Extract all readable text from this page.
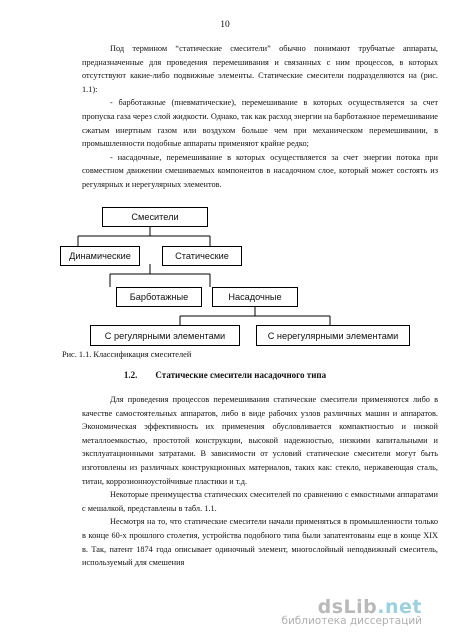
10

Под термином “статические смесители” обычно понимают трубчатые аппараты, предназначенные для проведения перемешивания и связанных с ним процессов, в которых отсутствуют какие-либо подвижные элементы. Статические смесители подразделяются на (рис. 1.1):

- барботажные (пневматические), перемешивание в которых осуществляется за счет пропуска газа через слой жидкости. Однако, так как расход энергии на барботажное перемешивание сжатым инертным газом или воздухом больше чем при механическом перемешивании, в промышленности подобные аппараты применяют крайне редко;

- насадочные, перемешивание в которых осуществляется за счет энергии потока при совместном движении смешиваемых компонентов в насадочном слое, который может состоять из регулярных и нерегулярных элементов.

Смесители
Динамические	Статические
Барботажные	Насадочные
С регулярными элементами	С нерегулярными элементами
Рис. 1.1. Классификация смесителей
1.2. Статические смесители насадочного типа

Для проведения процессов перемешивания статические смесители применяются либо в качестве самостоятельных аппаратов, либо в виде рабочих узлов различных машин и аппаратов. Экономическая эффективность их применения обусловливается компактностью и низкой металлоемкостью, простотой конструкции, высокой надежностью, низкими капитальными и эксплуатационными затратами. В зависимости от условий статические смесители могут быть изготовлены из различных конструкционных материалов, таких как: стекло, нержавеющая сталь, титан, коррозионноустойчивые пластики и т.д.

Некоторые преимущества статических смесителей по сравнению с емкостными аппаратами с мешалкой, представлены в табл. 1.1.

Несмотря на то, что статические смесители начали применяться в промышленности только в конце 60-х прошлого столетия, устройства подобного типа были запатентованы еще в конце XIX в. Так, патент 1874 года описывает одиночный элемент, многослойный неподвижный смеситель, используемый для смешения

dsLib.net
библиотека диссертаций
